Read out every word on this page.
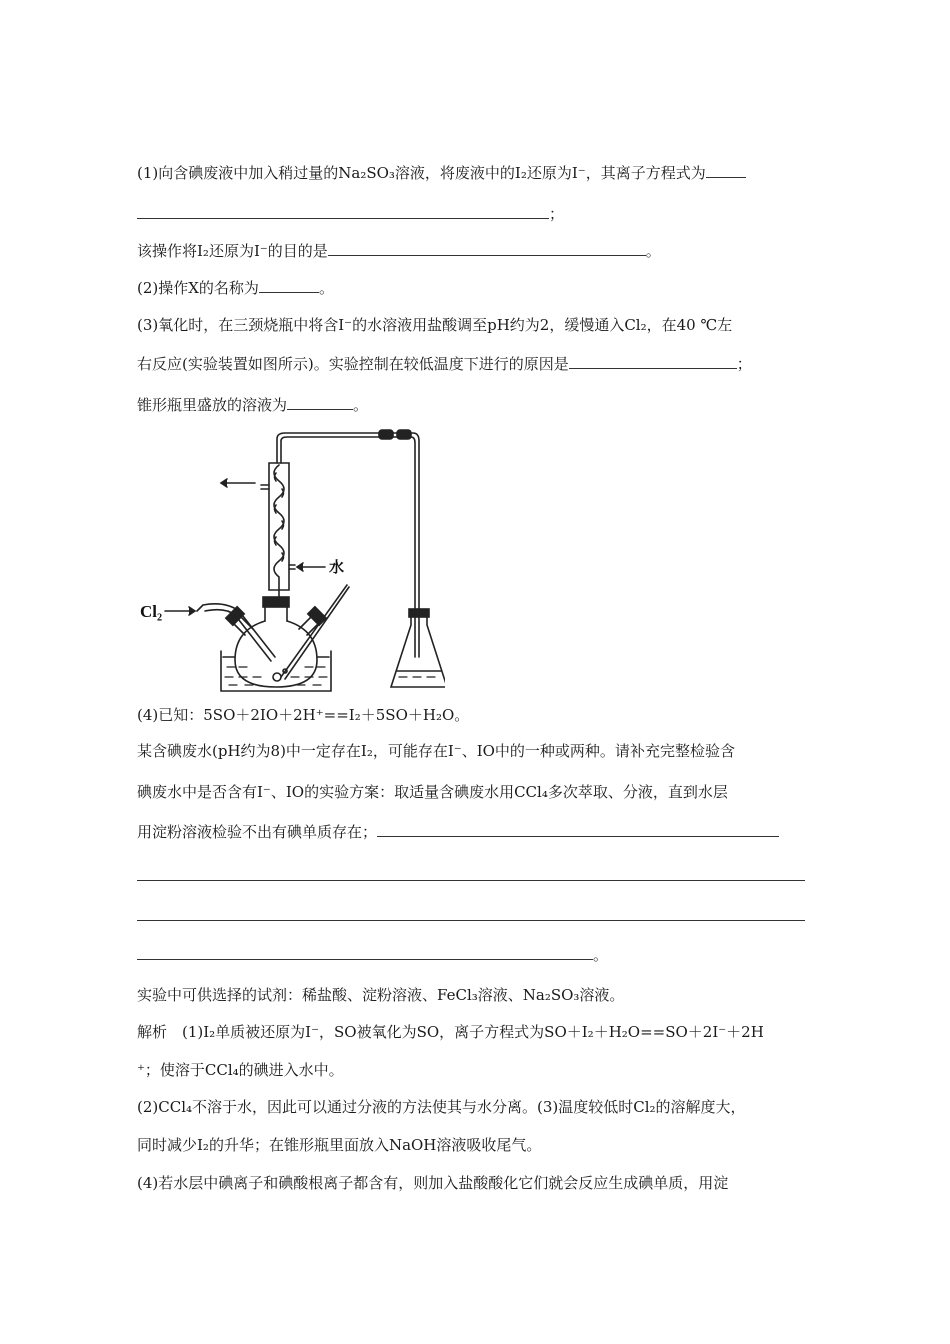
(1)向含碘废液中加入稍过量的Na₂SO₃溶液，将废液中的I₂还原为I⁻，其离子方程式为
；
该操作将I₂还原为I⁻的目的是	。
(2)操作X的名称为	。
(3)氧化时，在三颈烧瓶中将含I⁻的水溶液用盐酸调至pH约为2，缓慢通入Cl₂，在40 ℃左
右反应(实验装置如图所示)。实验控制在较低温度下进行的原因是	；
锥形瓶里盛放的溶液为	。
Cl₂
水
(4)已知：5SO＋2IO＋2H⁺==I₂＋5SO＋H₂O。
某含碘废水(pH约为8)中一定存在I₂，可能存在I⁻、IO中的一种或两种。请补充完整检验含
碘废水中是否含有I⁻、IO的实验方案：取适量含碘废水用CCl₄多次萃取、分液，直到水层
用淀粉溶液检验不出有碘单质存在；
。
实验中可供选择的试剂：稀盐酸、淀粉溶液、FeCl₃溶液、Na₂SO₃溶液。
解析　(1)I₂单质被还原为I⁻，SO被氧化为SO，离子方程式为SO＋I₂＋H₂O==SO＋2I⁻＋2H
⁺；使溶于CCl₄的碘进入水中。
(2)CCl₄不溶于水，因此可以通过分液的方法使其与水分离。(3)温度较低时Cl₂的溶解度大，
同时减少I₂的升华；在锥形瓶里面放入NaOH溶液吸收尾气。
(4)若水层中碘离子和碘酸根离子都含有，则加入盐酸酸化它们就会反应生成碘单质，用淀
